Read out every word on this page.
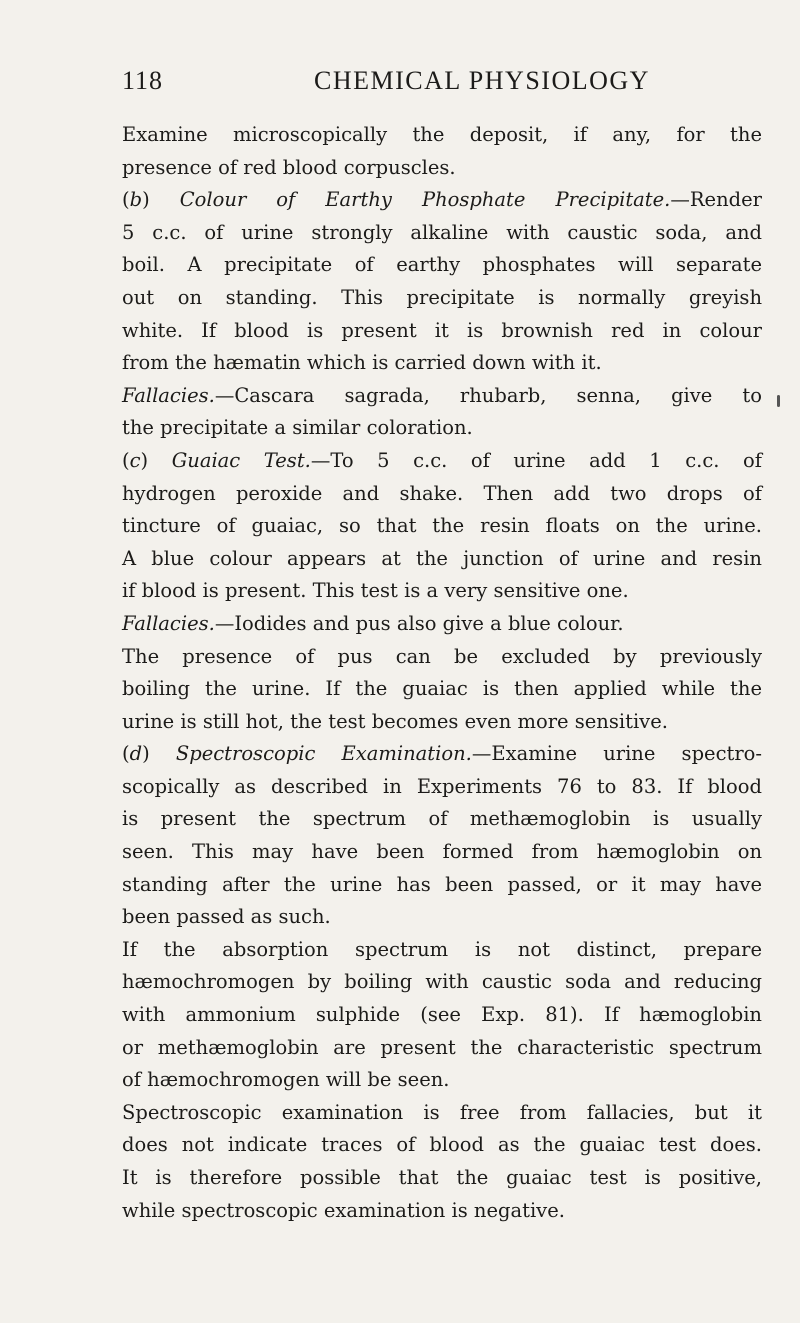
118	CHEMICAL PHYSIOLOGY

Examine microscopically the deposit, if any, for the
presence of red blood corpuscles.

(b) Colour of Earthy Phosphate Precipitate.—Render
5 c.c. of urine strongly alkaline with caustic soda, and
boil. A precipitate of earthy phosphates will separate
out on standing. This precipitate is normally greyish
white. If blood is present it is brownish red in colour
from the hæmatin which is carried down with it.

Fallacies.—Cascara sagrada, rhubarb, senna, give to
the precipitate a similar coloration.

(c) Guaiac Test.—To 5 c.c. of urine add 1 c.c. of
hydrogen peroxide and shake. Then add two drops of
tincture of guaiac, so that the resin floats on the urine.
A blue colour appears at the junction of urine and resin
if blood is present. This test is a very sensitive one.

Fallacies.—Iodides and pus also give a blue colour.
The presence of pus can be excluded by previously
boiling the urine. If the guaiac is then applied while the
urine is still hot, the test becomes even more sensitive.

(d) Spectroscopic Examination.—Examine urine spectro-
scopically as described in Experiments 76 to 83. If blood
is present the spectrum of methæmoglobin is usually
seen. This may have been formed from hæmoglobin on
standing after the urine has been passed, or it may have
been passed as such.

If the absorption spectrum is not distinct, prepare
hæmochromogen by boiling with caustic soda and reducing
with ammonium sulphide (see Exp. 81). If hæmoglobin
or methæmoglobin are present the characteristic spectrum
of hæmochromogen will be seen.

Spectroscopic examination is free from fallacies, but it
does not indicate traces of blood as the guaiac test does.
It is therefore possible that the guaiac test is positive,
while spectroscopic examination is negative.
